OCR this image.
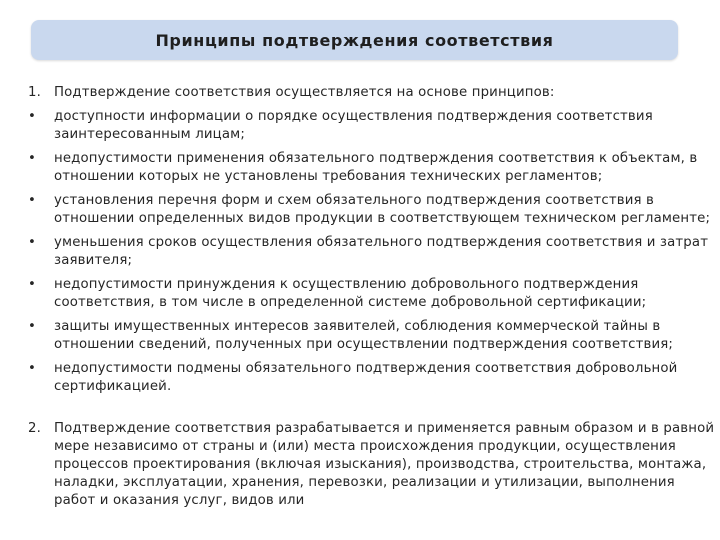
Принципы подтверждения соответствия
1. Подтверждение соответствия осуществляется на основе принципов:
• доступности информации о порядке осуществления подтверждения соответствия заинтересованным лицам;
• недопустимости применения обязательного подтверждения соответствия к объектам, в отношении которых не установлены требования технических регламентов;
• установления перечня форм и схем обязательного подтверждения соответствия в отношении определенных видов продукции в соответствующем техническом регламенте;
• уменьшения сроков осуществления обязательного подтверждения соответствия и затрат заявителя;
• недопустимости принуждения к осуществлению добровольного подтверждения соответствия, в том числе в определенной системе добровольной сертификации;
• защиты имущественных интересов заявителей, соблюдения коммерческой тайны в отношении сведений, полученных при осуществлении подтверждения соответствия;
• недопустимости подмены обязательного подтверждения соответствия добровольной сертификацией.
2. Подтверждение соответствия разрабатывается и применяется равным образом и в равной мере независимо от страны и (или) места происхождения продукции, осуществления процессов проектирования (включая изыскания), производства, строительства, монтажа, наладки, эксплуатации, хранения, перевозки, реализации и утилизации, выполнения работ и оказания услуг, видов или
